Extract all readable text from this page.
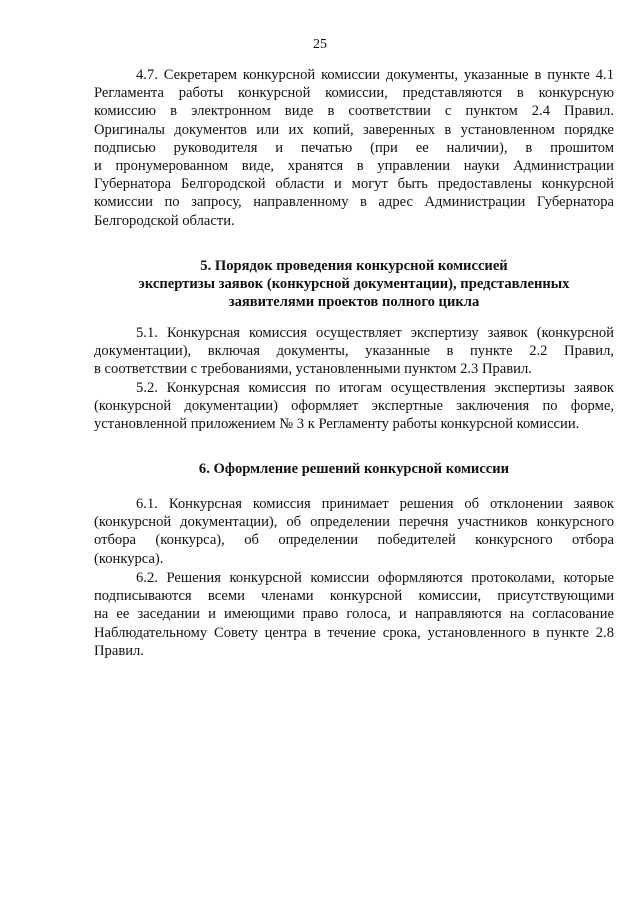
25
4.7. Секретарем конкурсной комиссии документы, указанные в пункте 4.1
Регламента работы конкурсной комиссии, представляются в конкурсную
комиссию в электронном виде в соответствии с пунктом 2.4 Правил.
Оригиналы документов или их копий, заверенных в установленном порядке
подписью руководителя и печатью (при ее наличии), в прошитом
и пронумерованном виде, хранятся в управлении науки Администрации
Губернатора Белгородской области и могут быть предоставлены конкурсной
комиссии по запросу, направленному в адрес Администрации Губернатора
Белгородской области.
5. Порядок проведения конкурсной комиссией
экспертизы заявок (конкурсной документации), представленных
заявителями проектов полного цикла
5.1. Конкурсная комиссия осуществляет экспертизу заявок (конкурсной
документации), включая документы, указанные в пункте 2.2 Правил,
в соответствии с требованиями, установленными пунктом 2.3 Правил.
5.2. Конкурсная комиссия по итогам осуществления экспертизы заявок
(конкурсной документации) оформляет экспертные заключения по форме,
установленной приложением № 3 к Регламенту работы конкурсной комиссии.
6. Оформление решений конкурсной комиссии
6.1. Конкурсная комиссия принимает решения об отклонении заявок
(конкурсной документации), об определении перечня участников конкурсного
отбора (конкурса), об определении победителей конкурсного отбора
(конкурса).
6.2. Решения конкурсной комиссии оформляются протоколами, которые
подписываются всеми членами конкурсной комиссии, присутствующими
на ее заседании и имеющими право голоса, и направляются на согласование
Наблюдательному Совету центра в течение срока, установленного в пункте 2.8
Правил.
